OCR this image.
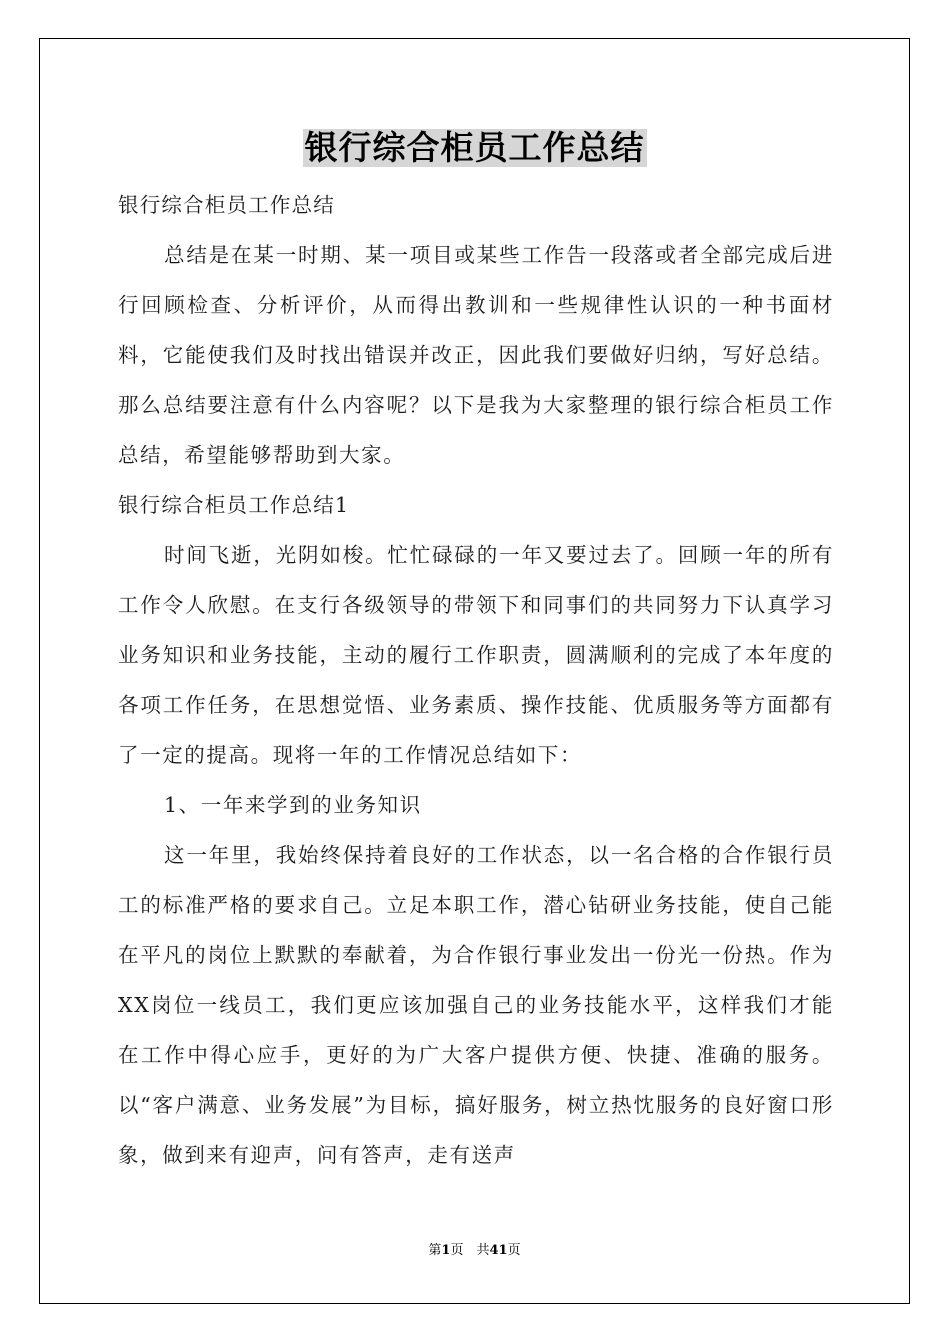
银行综合柜员工作总结

银行综合柜员工作总结

总结是在某一时期、某一项目或某些工作告一段落或者全部完成后进行回顾检查、分析评价，从而得出教训和一些规律性认识的一种书面材料，它能使我们及时找出错误并改正，因此我们要做好归纳，写好总结。那么总结要注意有什么内容呢？以下是我为大家整理的银行综合柜员工作总结，希望能够帮助到大家。

银行综合柜员工作总结1

时间飞逝，光阴如梭。忙忙碌碌的一年又要过去了。回顾一年的所有工作令人欣慰。在支行各级领导的带领下和同事们的共同努力下认真学习业务知识和业务技能，主动的履行工作职责，圆满顺利的完成了本年度的各项工作任务，在思想觉悟、业务素质、操作技能、优质服务等方面都有了一定的提高。现将一年的工作情况总结如下：

1、一年来学到的业务知识

这一年里，我始终保持着良好的工作状态，以一名合格的合作银行员工的标准严格的要求自己。立足本职工作，潜心钻研业务技能，使自己能在平凡的岗位上默默的奉献着，为合作银行事业发出一份光一份热。作为XX岗位一线员工，我们更应该加强自己的业务技能水平，这样我们才能在工作中得心应手，更好的为广大客户提供方便、快捷、准确的服务。以“客户满意、业务发展”为目标，搞好服务，树立热忱服务的良好窗口形象，做到来有迎声，问有答声，走有送声

第1页　共41页
